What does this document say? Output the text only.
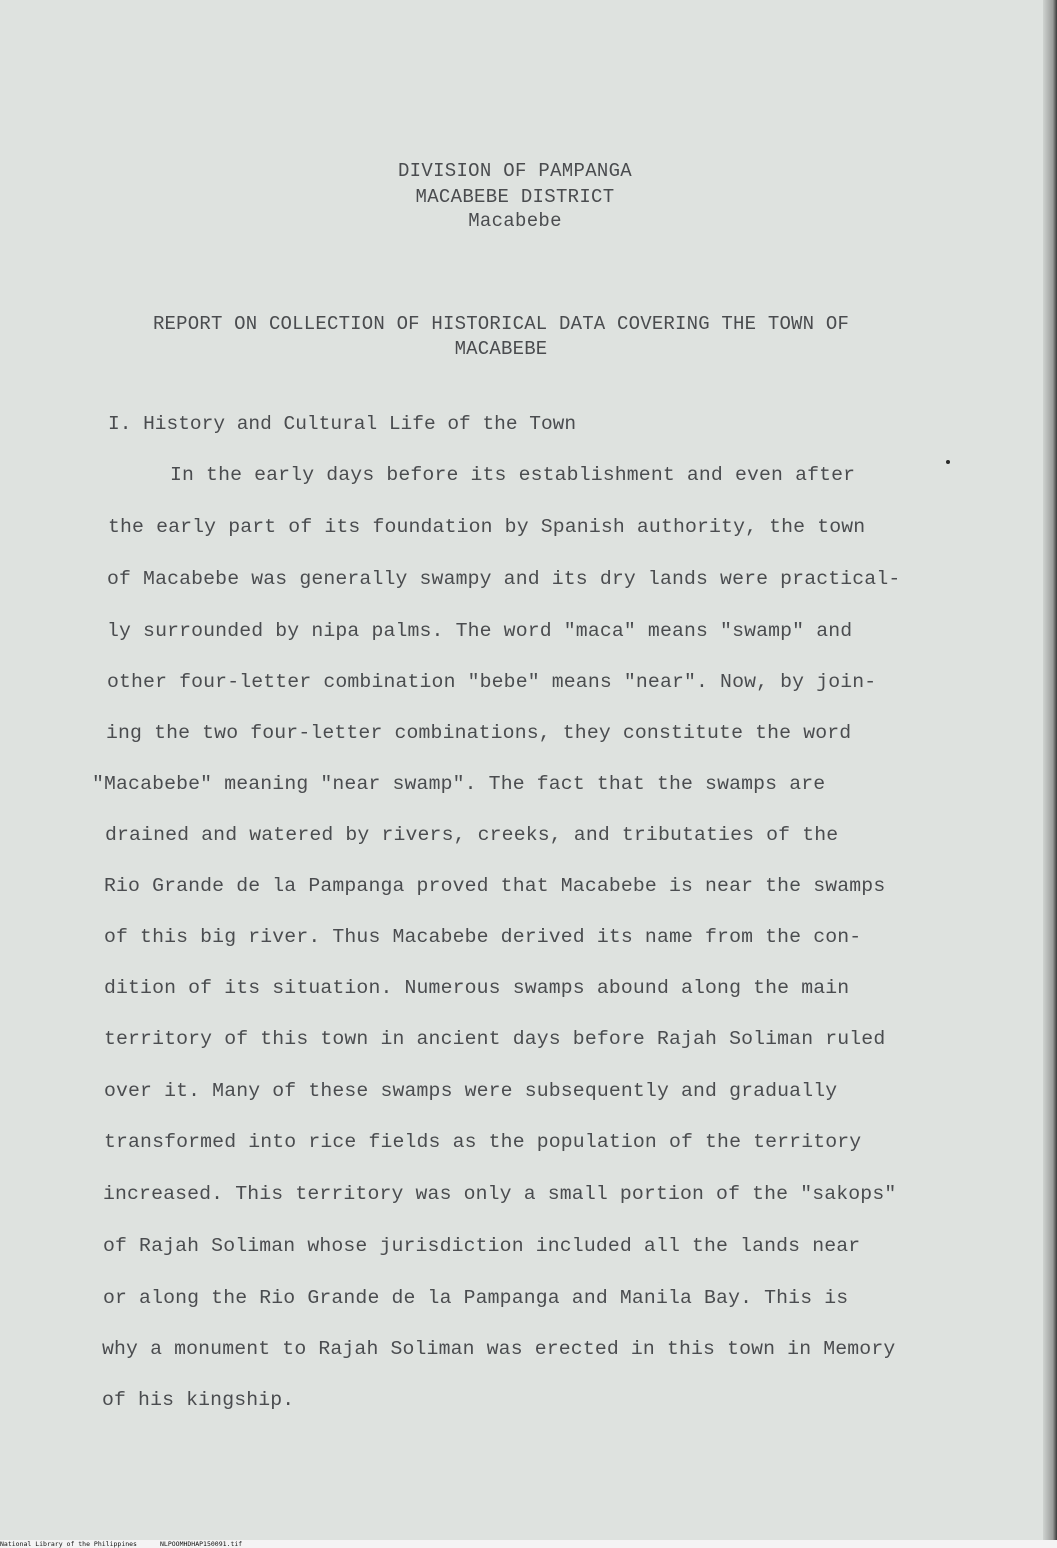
DIVISION OF PAMPANGA
MACABEBE DISTRICT
Macabebe
REPORT ON COLLECTION OF HISTORICAL DATA COVERING THE TOWN OF
MACABEBE
I. History and Cultural Life of the Town
In the early days before its establishment and even after
the early part of its foundation by Spanish authority, the town
of Macabebe was generally swampy and its dry lands were practical-
ly surrounded by nipa palms. The word "maca" means "swamp" and
other four-letter combination "bebe" means "near". Now, by join-
ing the two four-letter combinations, they constitute the word
"Macabebe" meaning "near swamp". The fact that the swamps are
drained and watered by rivers, creeks, and tributaties of the
Rio Grande de la Pampanga proved that Macabebe is near the swamps
of this big river. Thus Macabebe derived its name from the con-
dition of its situation. Numerous swamps abound along the main
territory of this town in ancient days before Rajah Soliman ruled
over it. Many of these swamps were subsequently and gradually
transformed into rice fields as the population of the territory
increased. This territory was only a small portion of the "sakops"
of Rajah Soliman whose jurisdiction included all the lands near
or along the Rio Grande de la Pampanga and Manila Bay. This is
why a monument to Rajah Soliman was erected in this town in Memory
of his kingship.
National Library of the Philippines	NLPOOMHDHAP150091.tif
